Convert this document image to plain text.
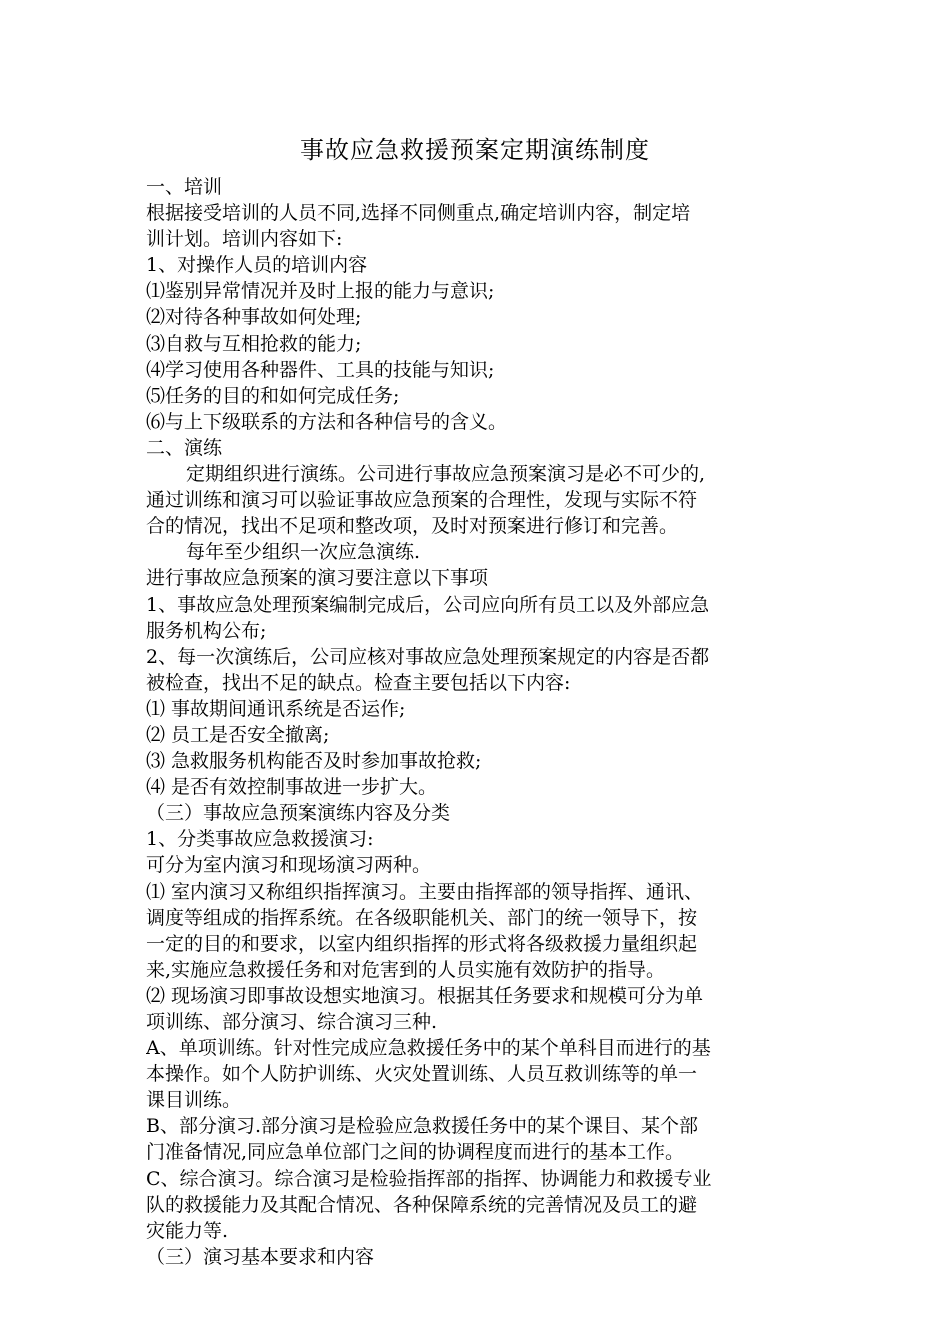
事故应急救援预案定期演练制度
一、培训
根据接受培训的人员不同,选择不同侧重点,确定培训内容，制定培
训计划。培训内容如下:
1、对操作人员的培训内容
⑴鉴别异常情况并及时上报的能力与意识;
⑵对待各种事故如何处理;
⑶自救与互相抢救的能力;
⑷学习使用各种器件、工具的技能与知识;
⑸任务的目的和如何完成任务;
⑹与上下级联系的方法和各种信号的含义。
二、演练
定期组织进行演练。公司进行事故应急预案演习是必不可少的,
通过训练和演习可以验证事故应急预案的合理性，发现与实际不符
合的情况，找出不足项和整改项，及时对预案进行修订和完善。
每年至少组织一次应急演练.
进行事故应急预案的演习要注意以下事项
1、事故应急处理预案编制完成后，公司应向所有员工以及外部应急
服务机构公布;
2、每一次演练后，公司应核对事故应急处理预案规定的内容是否都
被检查，找出不足的缺点。检查主要包括以下内容:
⑴ 事故期间通讯系统是否运作;
⑵ 员工是否安全撤离;
⑶ 急救服务机构能否及时参加事故抢救;
⑷ 是否有效控制事故进一步扩大。
（三）事故应急预案演练内容及分类
1、分类事故应急救援演习:
可分为室内演习和现场演习两种。
⑴ 室内演习又称组织指挥演习。主要由指挥部的领导指挥、通讯、
调度等组成的指挥系统。在各级职能机关、部门的统一领导下，按
一定的目的和要求，以室内组织指挥的形式将各级救援力量组织起
来,实施应急救援任务和对危害到的人员实施有效防护的指导。
⑵ 现场演习即事故设想实地演习。根据其任务要求和规模可分为单
项训练、部分演习、综合演习三种.
A、单项训练。针对性完成应急救援任务中的某个单科目而进行的基
本操作。如个人防护训练、火灾处置训练、人员互救训练等的单一
课目训练。
B、部分演习.部分演习是检验应急救援任务中的某个课目、某个部
门准备情况,同应急单位部门之间的协调程度而进行的基本工作。
C、综合演习。综合演习是检验指挥部的指挥、协调能力和救援专业
队的救援能力及其配合情况、各种保障系统的完善情况及员工的避
灾能力等.
（三）演习基本要求和内容
